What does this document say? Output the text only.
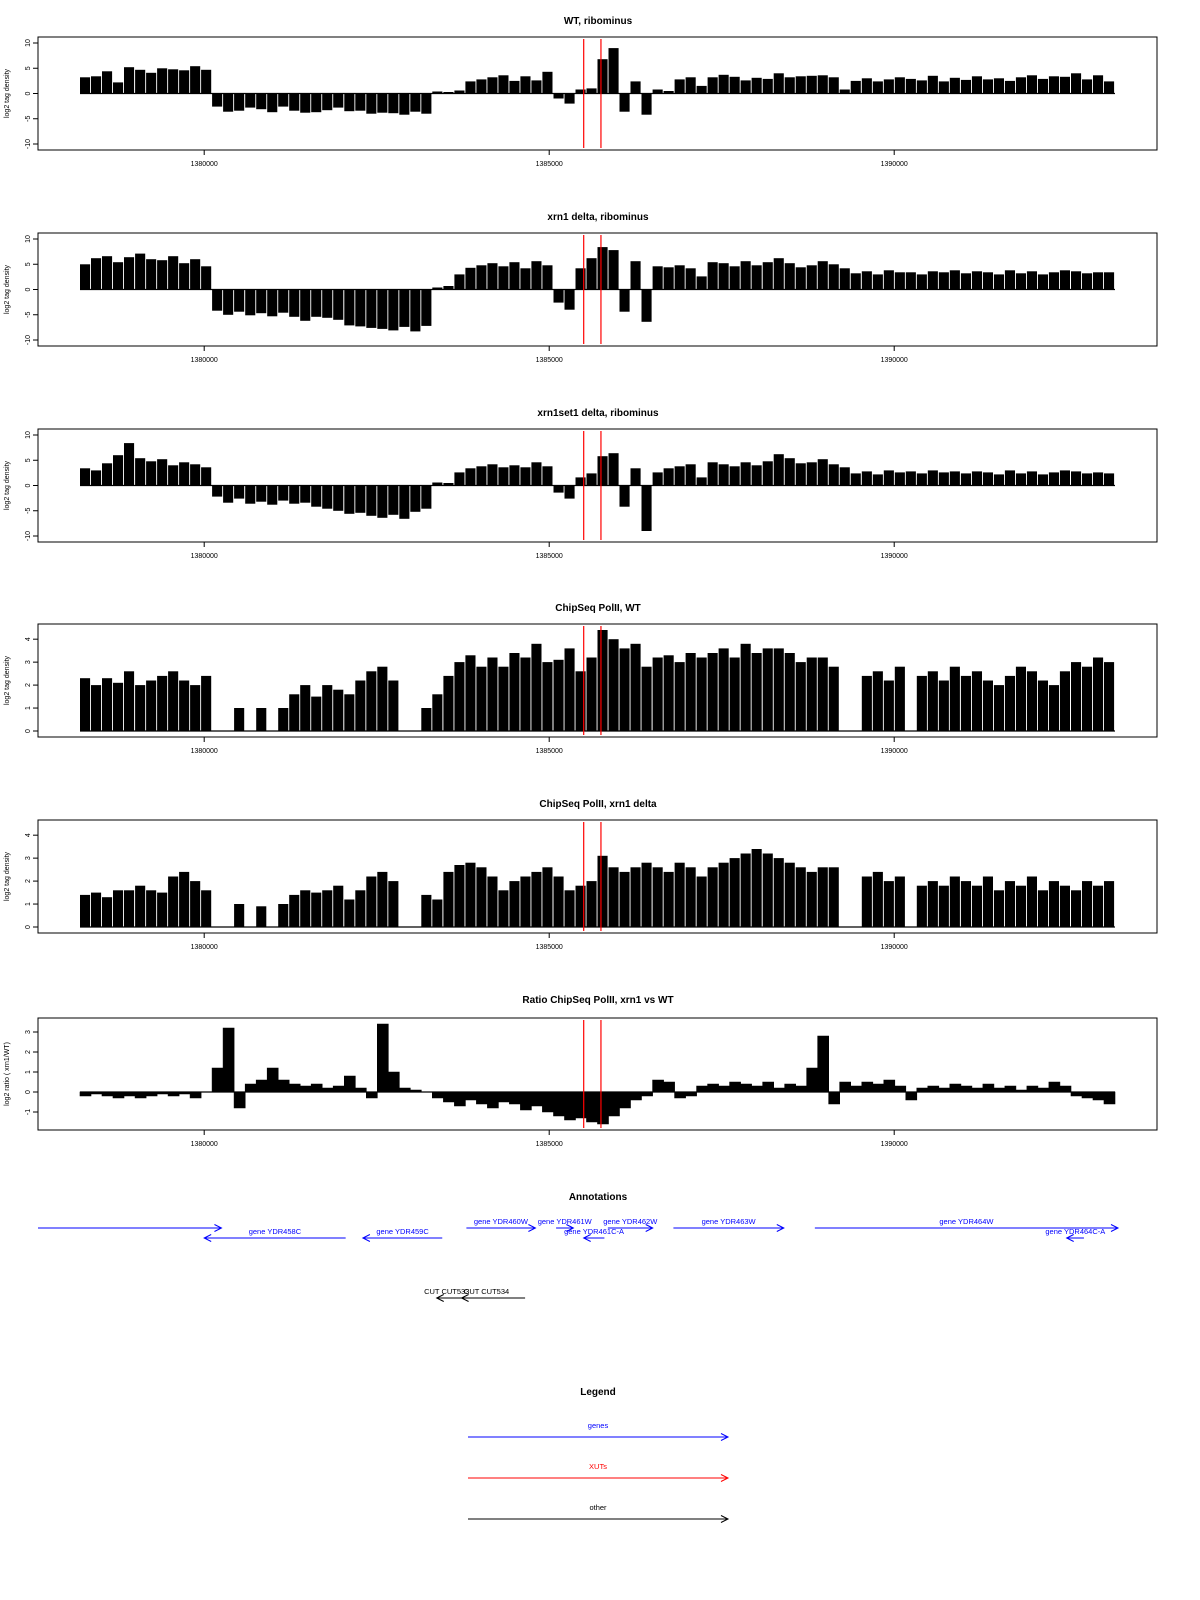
WT, ribominus
-10
-5
0
5
10
log2 tag density
1380000	1385000	1390000
xrn1 delta, ribominus
-10
-5
0
5
10
log2 tag density
1380000	1385000	1390000
xrn1set1 delta, ribominus
-10
-5
0
5
10
log2 tag density
1380000	1385000	1390000
ChipSeq PolII, WT
0
1
2
3
4
log2 tag density
1380000	1385000	1390000
ChipSeq PolII, xrn1 delta
0
1
2
3
4
log2 tag density
1380000	1385000	1390000
Ratio ChipSeq PolII, xrn1 vs WT
-1
0
1
2
3
log2 ratio ( xrn1/WT)
1380000	1385000	1390000
Annotations
gene YDR458C	gene YDR459C
gene YDR460W gene YDR461W
gene YDR461C-A
gene YDR462W	gene YDR463W	gene YDR464W
gene YDR464C-A
CUT CUT533
CUT CUT534
Legend
genes
XUTs
other
